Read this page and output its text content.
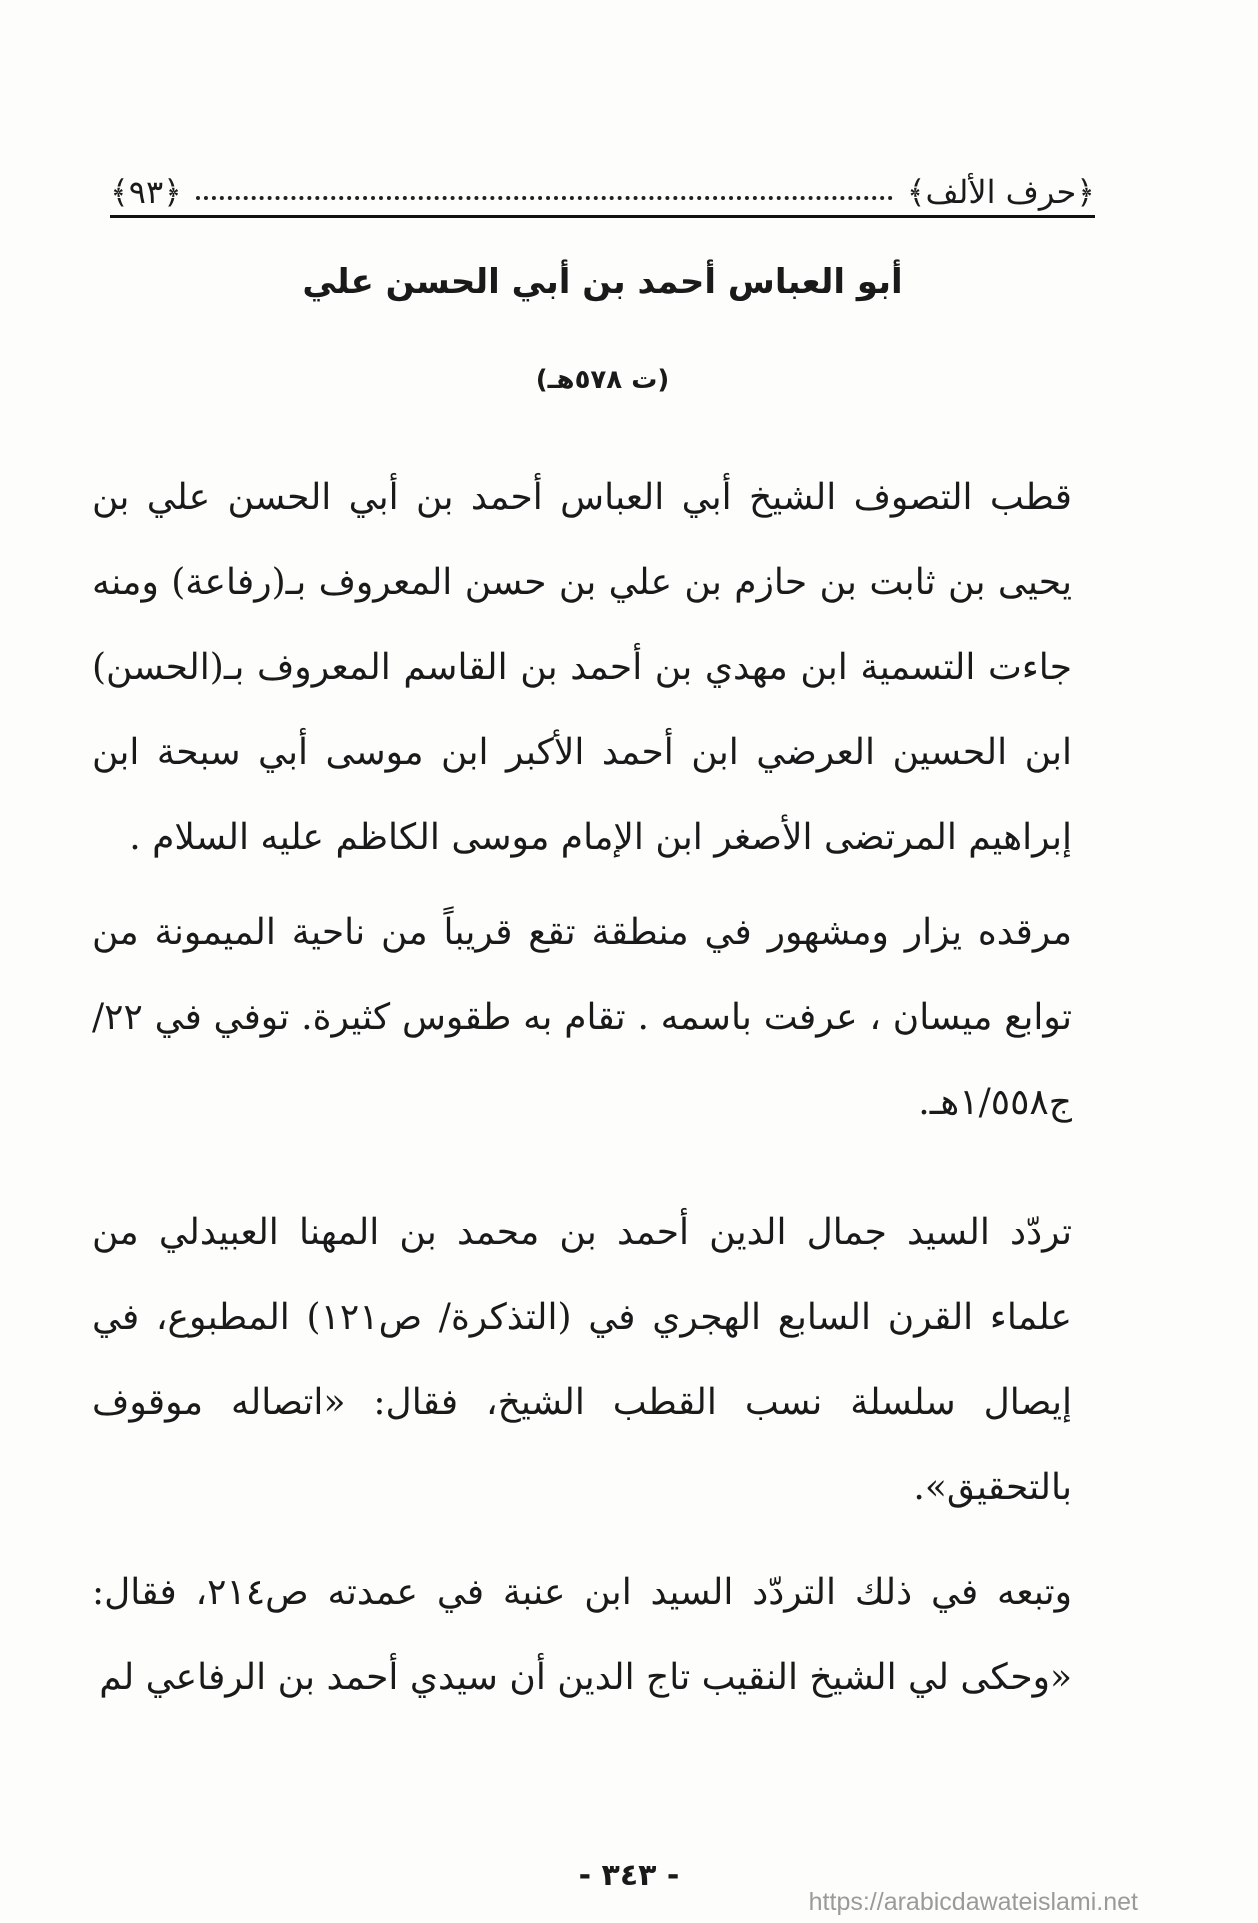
﴿حرف الألف﴾
﴿٩٣﴾
أبو العباس أحمد بن أبي الحسن علي
(ت ٥٧٨هـ)

قطب التصوف الشيخ أبي العباس أحمد بن أبي الحسن علي بن يحيى بن ثابت بن حازم بن علي بن حسن المعروف بـ(رفاعة) ومنه جاءت التسمية ابن مهدي بن أحمد بن القاسم المعروف بـ(الحسن) ابن الحسين العرضي ابن أحمد الأكبر ابن موسى أبي سبحة ابن إبراهيم المرتضى الأصغر ابن الإمام موسى الكاظم عليه السلام .

مرقده يزار ومشهور في منطقة تقع قريباً من ناحية الميمونة من توابع ميسان ، عرفت باسمه . تقام به طقوس كثيرة. توفي في ٢٢/ج١/٥٥٨هـ.

تردّد السيد جمال الدين أحمد بن محمد بن المهنا العبيدلي من علماء القرن السابع الهجري في (التذكرة/ ص١٢١) المطبوع، في إيصال سلسلة نسب القطب الشيخ، فقال: «اتصاله موقوف بالتحقيق».

وتبعه في ذلك التردّد السيد ابن عنبة في عمدته ص٢١٤، فقال: «وحكى لي الشيخ النقيب تاج الدين أن سيدي أحمد بن الرفاعي لم

- ٣٤٣ -
https://arabicdawateislami.net
